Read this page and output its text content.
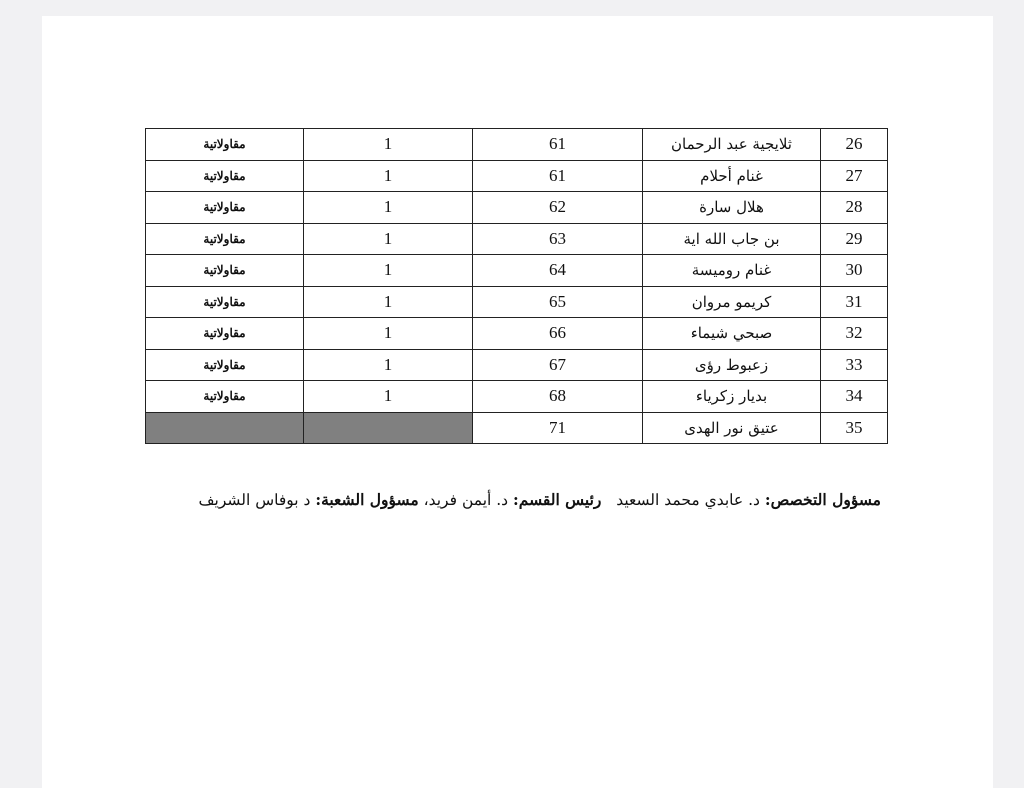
26	ثلايجية عبد الرحمان	61	1	مقاولاتية
27	غنام أحلام	61	1	مقاولاتية
28	هلال سارة	62	1	مقاولاتية
29	بن جاب الله اية	63	1	مقاولاتية
30	غنام روميسة	64	1	مقاولاتية
31	كريمو مروان	65	1	مقاولاتية
32	صبحي شيماء	66	1	مقاولاتية
33	زعبوط رؤى	67	1	مقاولاتية
34	بديار زكرياء	68	1	مقاولاتية
35	عتيق نور الهدى	71		
مسؤول التخصص: د. عابدي محمد السعيد   رئيس القسم: د. أيمن فريد، مسؤول الشعبة: د بوفاس الشريف
